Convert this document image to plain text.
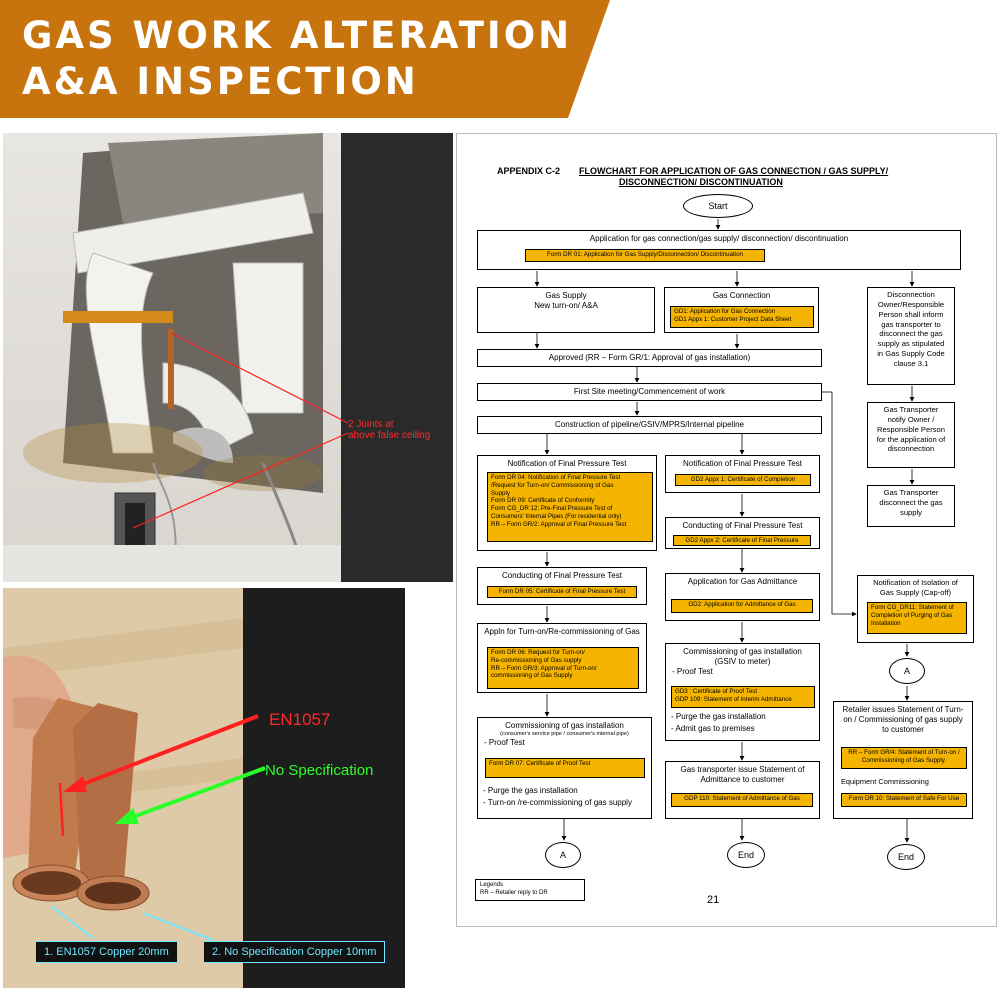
GAS WORK ALTERATION
A&A INSPECTION
2 Joints at
above false ceiling
EN1057
No Specification
1. EN1057 Copper 20mm	2. No Specification Copper 10mm
APPENDIX C-2 FLOWCHART FOR APPLICATION OF GAS CONNECTION / GAS SUPPLY/
DISCONNECTION/ DISCONTINUATION
Start
Application for gas connection/gas supply/ disconnection/ discontinuation
Form DR 01: Application for Gas Supply/Disconnection/ Discontinuation
Gas Supply
New turn-on/ A&A
Gas Connection
GD1: Application for Gas Connection
GD1 Appx 1: Customer Project Data Sheet
Disconnection
Owner/Responsible
Person shall inform
gas transporter to
disconnect the gas
supply as stipulated
in Gas Supply Code
clause 3.1
Approved (RR – Form GR/1: Approval of gas installation)
First Site meeting/Commencement of work
Gas Transporter
notify Owner /
Responsible Person
for the application of
disconnection
Construction of pipeline/GSIV/MPRS/Internal pipeline
Gas Transporter
disconnect the gas
supply
Notification of Final Pressure Test
Form DR 04: Notification of Final Pressure Test
/Request for Turn-on/ Commissioning of Gas
Supply
Form DR 09: Certificate of Conformity
Form CG_DR 12: Pre-Final Pressure Test of
Consumers' Internal Pipes (For residential only)
RR – Form GR/2: Approval of Final Pressure Test
Notification of Final Pressure Test
GD2 Appx 1: Certificate of Completion
Conducting of Final Pressure Test
GD2 Appx 2: Certificate of Final Pressure
Conducting of Final Pressure Test
Form DR 05: Certificate of Final Pressure Test
Application for Gas Admittance
GD2: Application for Admittance of Gas
Notification of Isolation of
Gas Supply (Cap-off)
Form CG_DR11: Statement of
Completion of Purging of Gas
Installation
Appln for Turn-on/Re-commissioning of Gas
Form DR 06: Request for Turn-on/
Re-commissioning of Gas supply
RR – Form GR/3: Approval of Turn-on/
commissioning of Gas Supply
Commissioning of gas installation
(GSIV to meter)
- Proof Test
GD3 : Certificate of Proof Test
GDP 109: Statement of Interim Admittance
- Purge the gas installation
- Admit gas to premises
A
Retailer issues Statement of Turn-
on / Commissioning of gas supply
to customer
RR – Form GR/4: Statement of Turn-on /
Commissioning of Gas Supply.
Equipment Commissioning
Form DR 10: Statement of Safe For Use
Commissioning of gas installation
(consumer's service pipe / consumer's internal pipe)
- Proof Test
Form DR 07: Certificate of Proof Test
- Purge the gas installation
- Turn-on /re-commissioning of gas supply
Gas transporter issue Statement of
Admittance to customer
GDP 110: Statement of Admittance of Gas
A	End	End
Legends
RR – Retailer reply to DR
21
